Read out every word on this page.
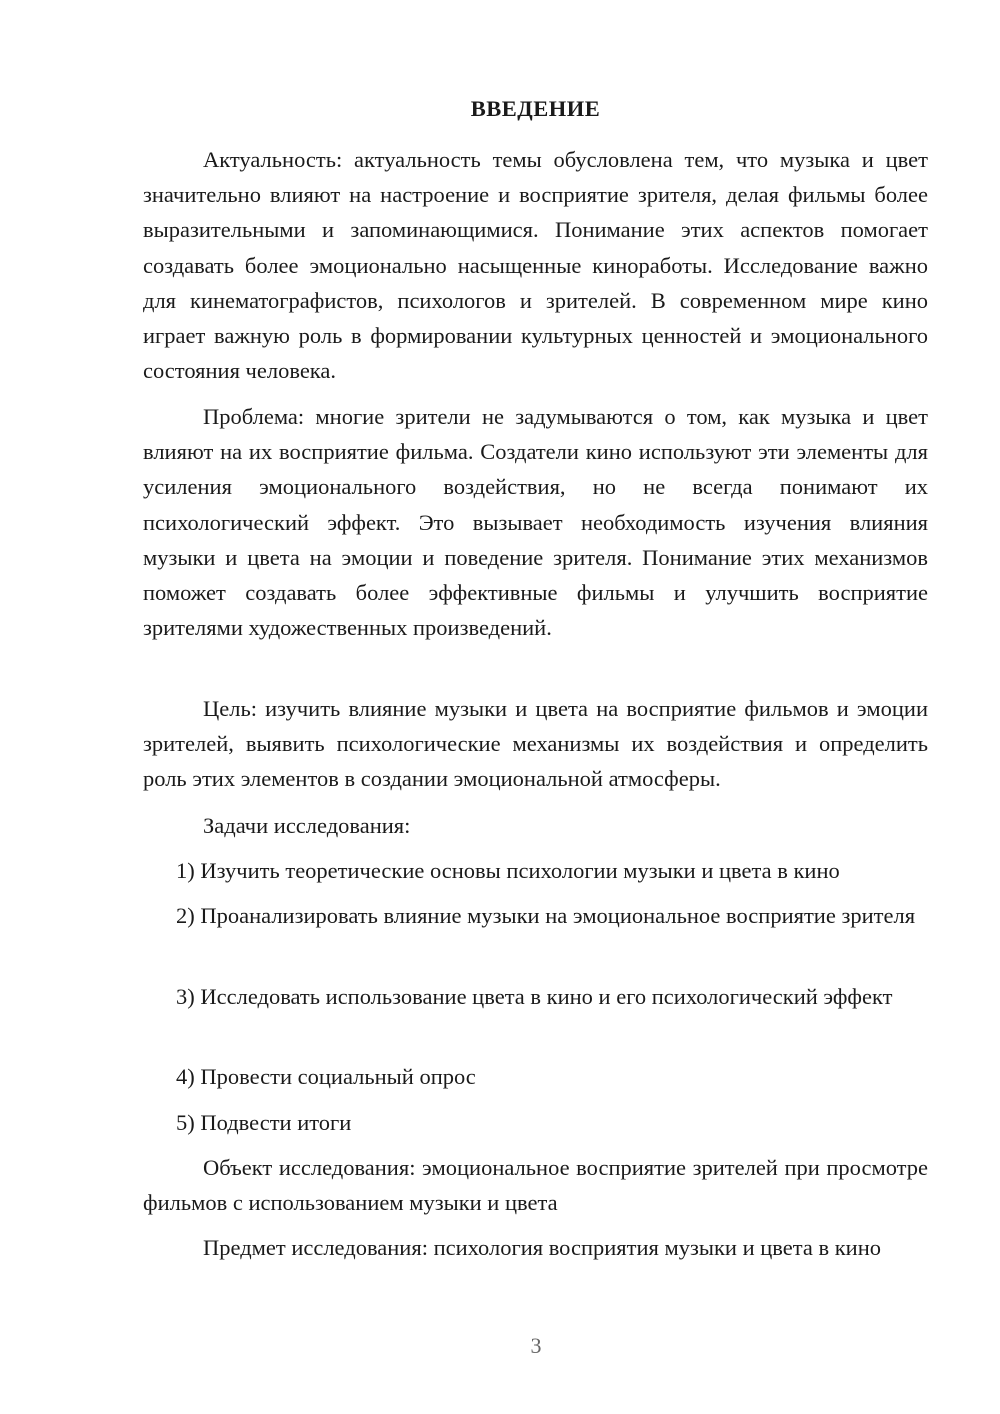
ВВЕДЕНИЕ

Актуальность: актуальность темы обусловлена тем, что музыка и цвет значительно влияют на настроение и восприятие зрителя, делая фильмы более выразительными и запоминающимися. Понимание этих аспектов помогает создавать более эмоционально насыщенные киноработы. Исследование важно для кинематографистов, психологов и зрителей. В современном мире кино играет важную роль в формировании культурных ценностей и эмоционального состояния человека.

Проблема: многие зрители не задумываются о том, как музыка и цвет влияют на их восприятие фильма. Создатели кино используют эти элементы для усиления эмоционального воздействия, но не всегда понимают их психологический эффект. Это вызывает необходимость изучения влияния музыки и цвета на эмоции и поведение зрителя. Понимание этих механизмов поможет создавать более эффективные фильмы и улучшить восприятие зрителями художественных произведений.

Цель: изучить влияние музыки и цвета на восприятие фильмов и эмоции зрителей, выявить психологические механизмы их воздействия и определить роль этих элементов в создании эмоциональной атмосферы.

Задачи исследования:

1) Изучить теоретические основы психологии музыки и цвета в кино

2) Проанализировать влияние музыки на эмоциональное восприятие зрителя

3) Исследовать использование цвета в кино и его психологический эффект

4) Провести социальный опрос

5) Подвести итоги

Объект исследования: эмоциональное восприятие зрителей при просмотре фильмов с использованием музыки и цвета

Предмет исследования: психология восприятия музыки и цвета в кино

3
